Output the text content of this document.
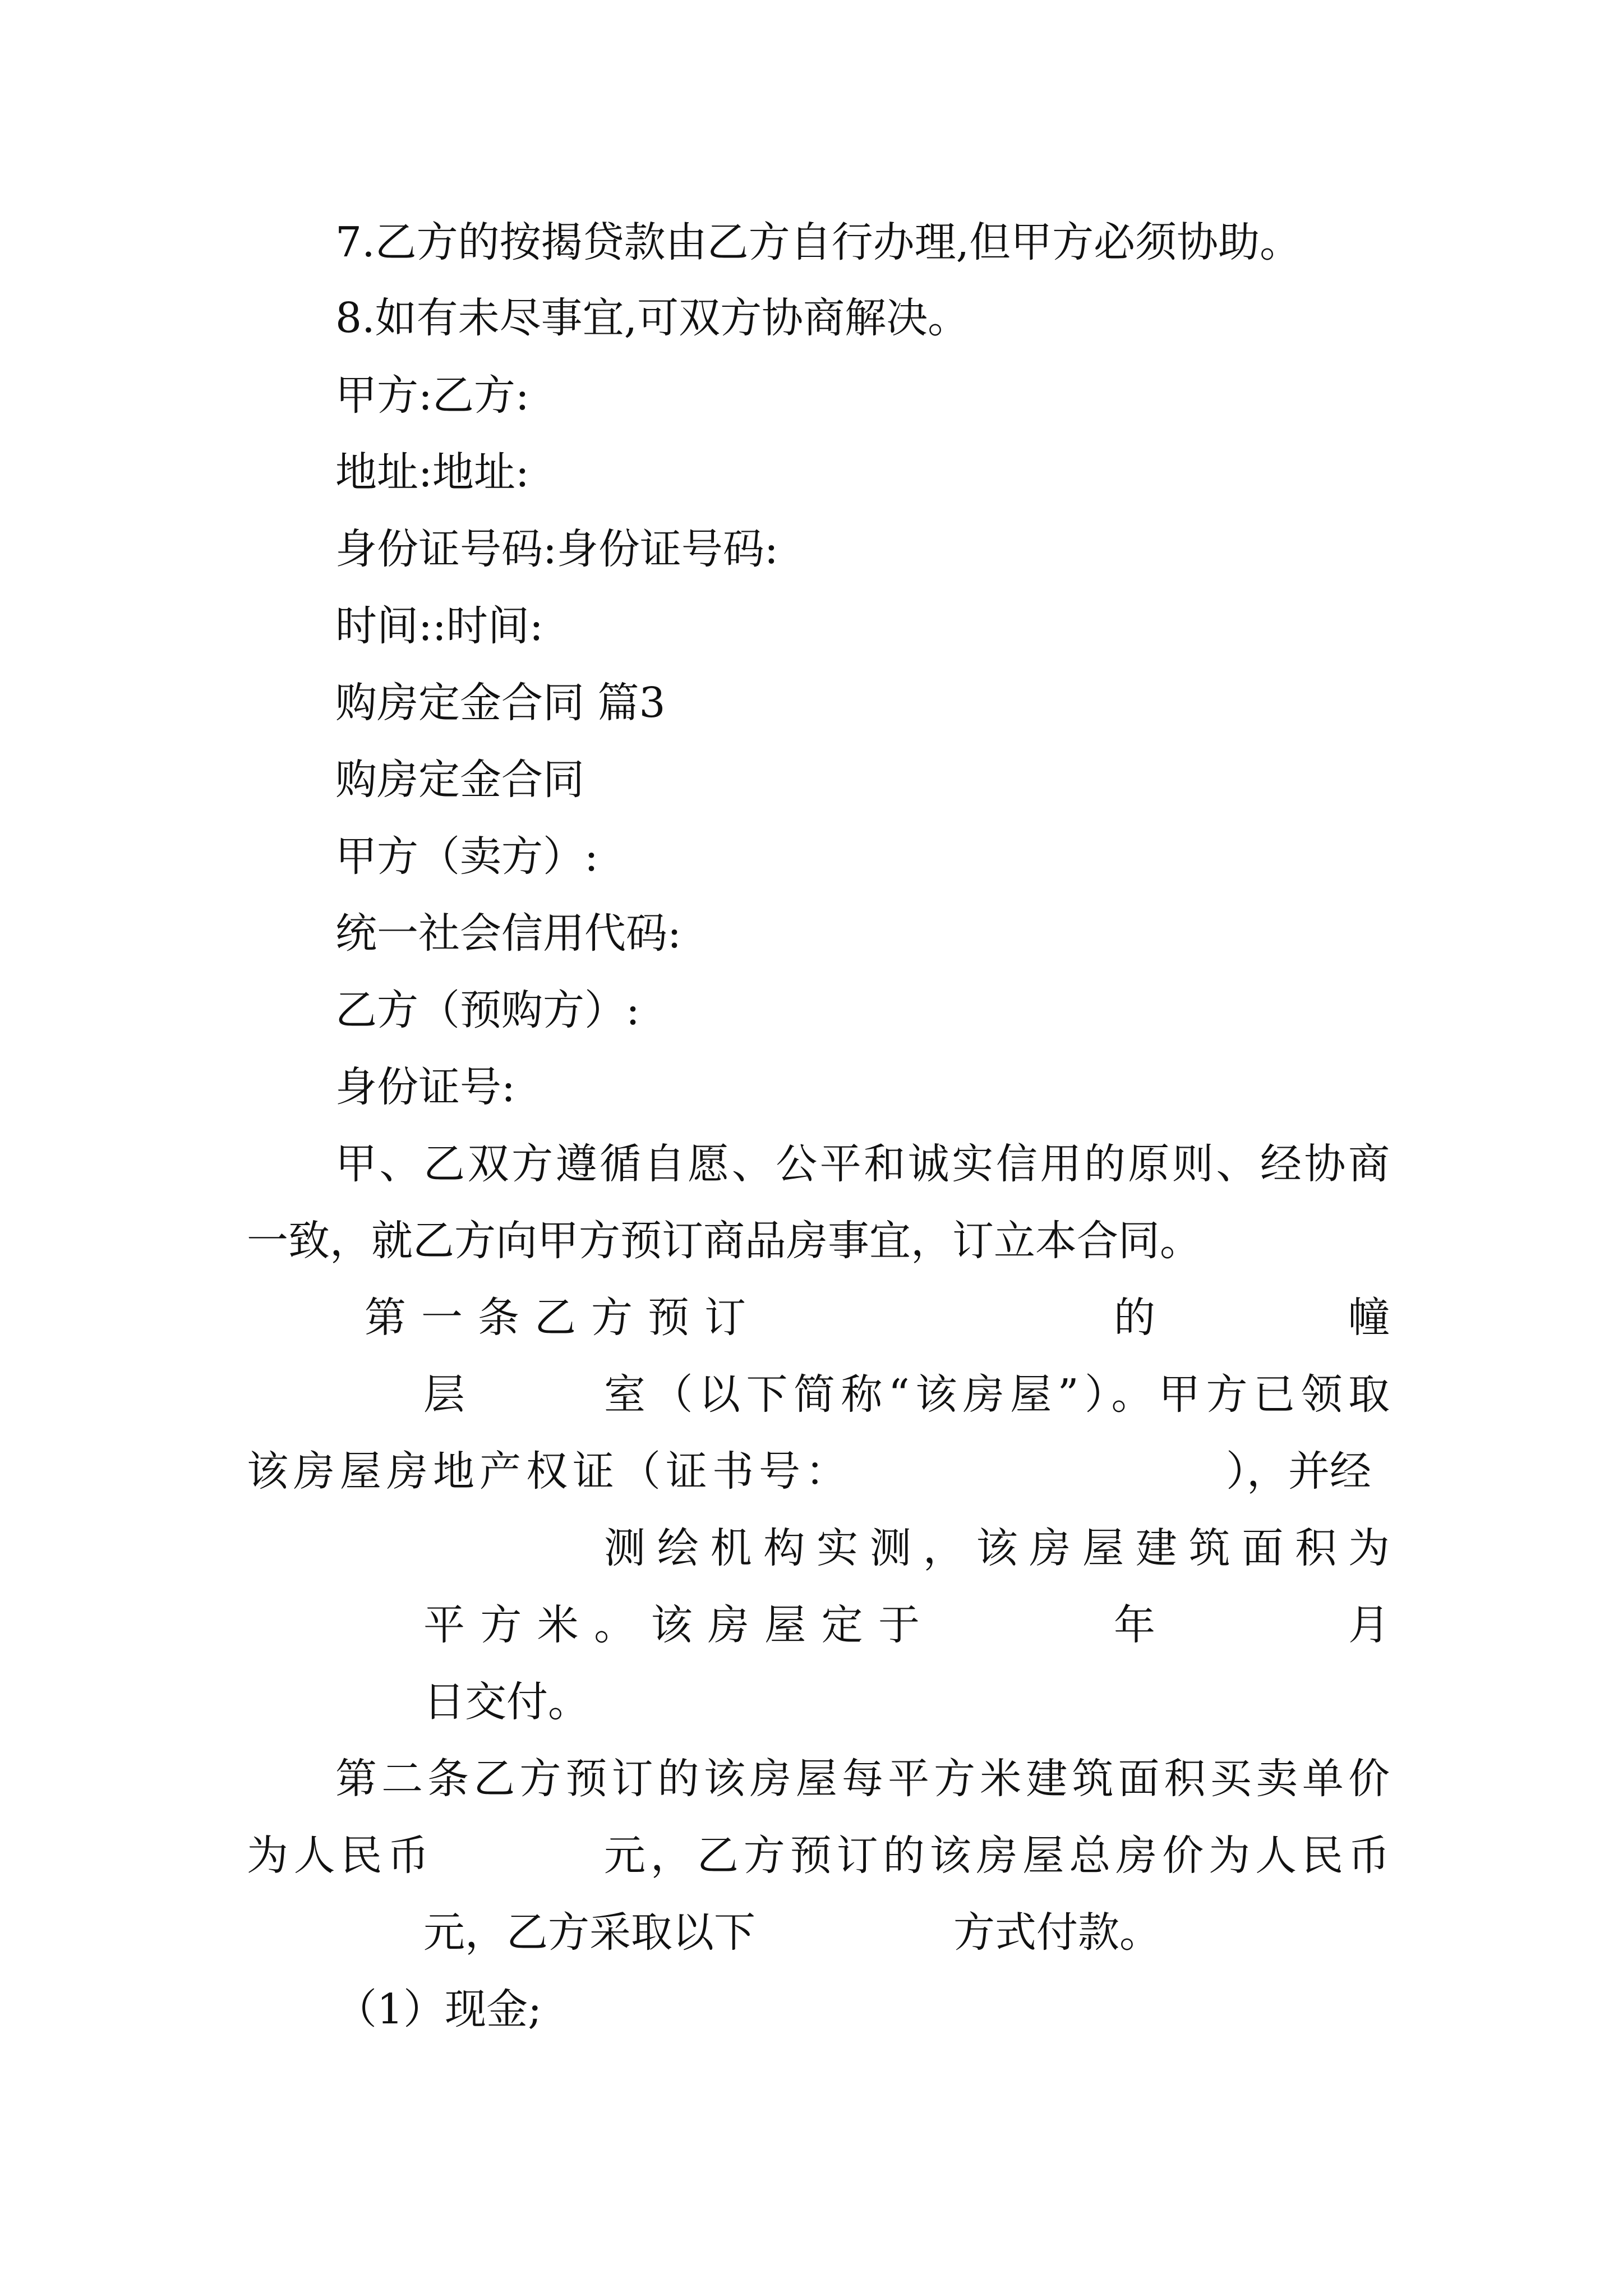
7.乙方的按揭贷款由乙方自行办理,但甲方必须协助。

8.如有未尽事宜,可双方协商解决。

甲方:乙方:

地址:地址:

身份证号码:身份证号码:

时间::时间:

购房定金合同 篇3

购房定金合同

甲方（卖方）:

统一社会信用代码:

乙方（预购方）:

身份证号:

甲、乙双方遵循自愿、公平和诚实信用的原则、经协商

一致，就乙方向甲方预订商品房事宜，订立本合同。

第一条乙方预订	的	幢

层	室（以下简称“该房屋”）。甲方已领取

该房屋房地产权证（证书号：	），并经

测绘机构实测，该房屋建筑面积为

平方米。该房屋定于	年	月

日交付。

第二条乙方预订的该房屋每平方米建筑面积买卖单价

为人民币	元，乙方预订的该房屋总房价为人民币

元，乙方采取以下	方式付款。

（1）现金;
